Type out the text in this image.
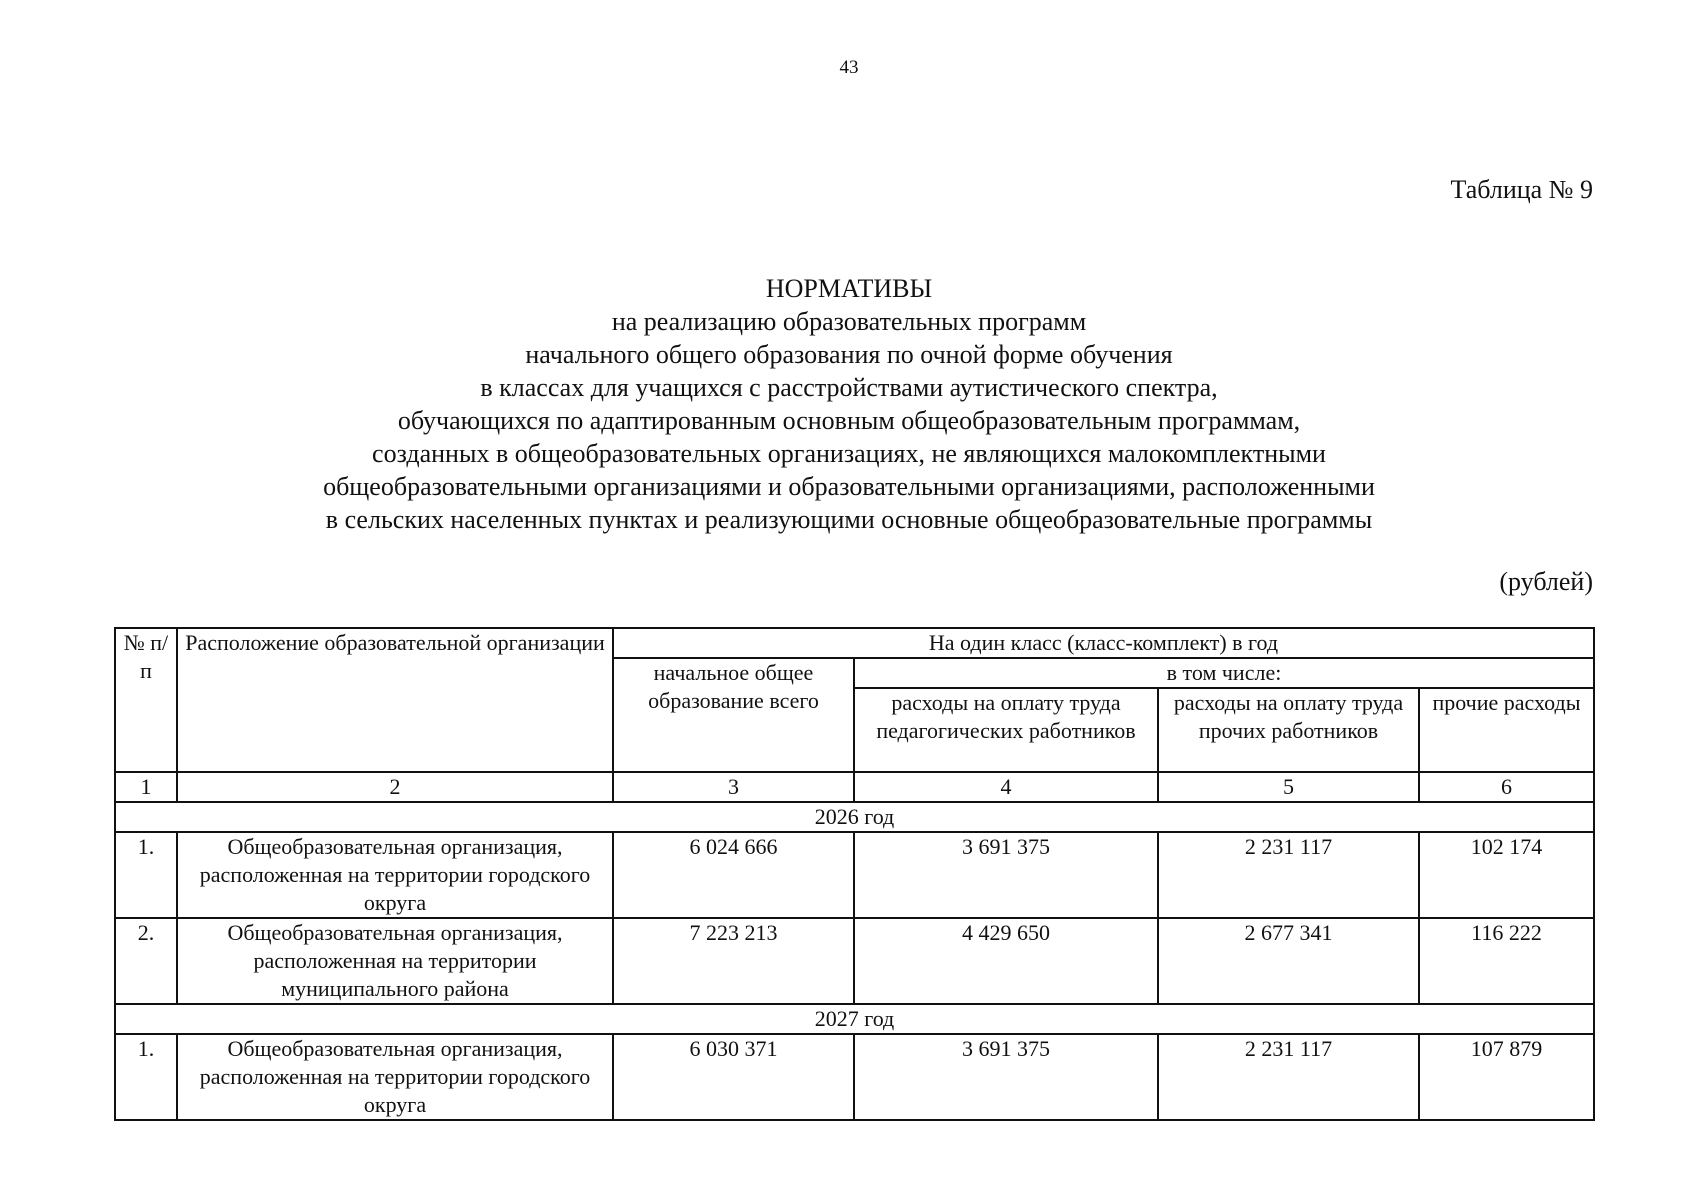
43
Таблица № 9
НОРМАТИВЫ
на реализацию образовательных программ
начального общего образования по очной форме обучения
в классах для учащихся с расстройствами аутистического спектра,
обучающихся по адаптированным основным общеобразовательным программам,
созданных в общеобразовательных организациях, не являющихся малокомплектными
общеобразовательными организациями и образовательными организациями, расположенными
в сельских населенных пунктах и реализующими основные общеобразовательные программы
(рублей)
№ п/п	Расположение образовательной организации	На один класс (класс-комплект) в год			
		начальное общее образование всего	в том числе:		
			расходы на оплату труда педагогических работников	расходы на оплату труда прочих работников	прочие расходы
1	2	3	4	5	6
2026 год					
1.	Общеобразовательная организация, расположенная на территории городского округа	6 024 666	3 691 375	2 231 117	102 174
2.	Общеобразовательная организация, расположенная на территории муниципального района	7 223 213	4 429 650	2 677 341	116 222
2027 год					
1.	Общеобразовательная организация, расположенная на территории городского округа	6 030 371	3 691 375	2 231 117	107 879
